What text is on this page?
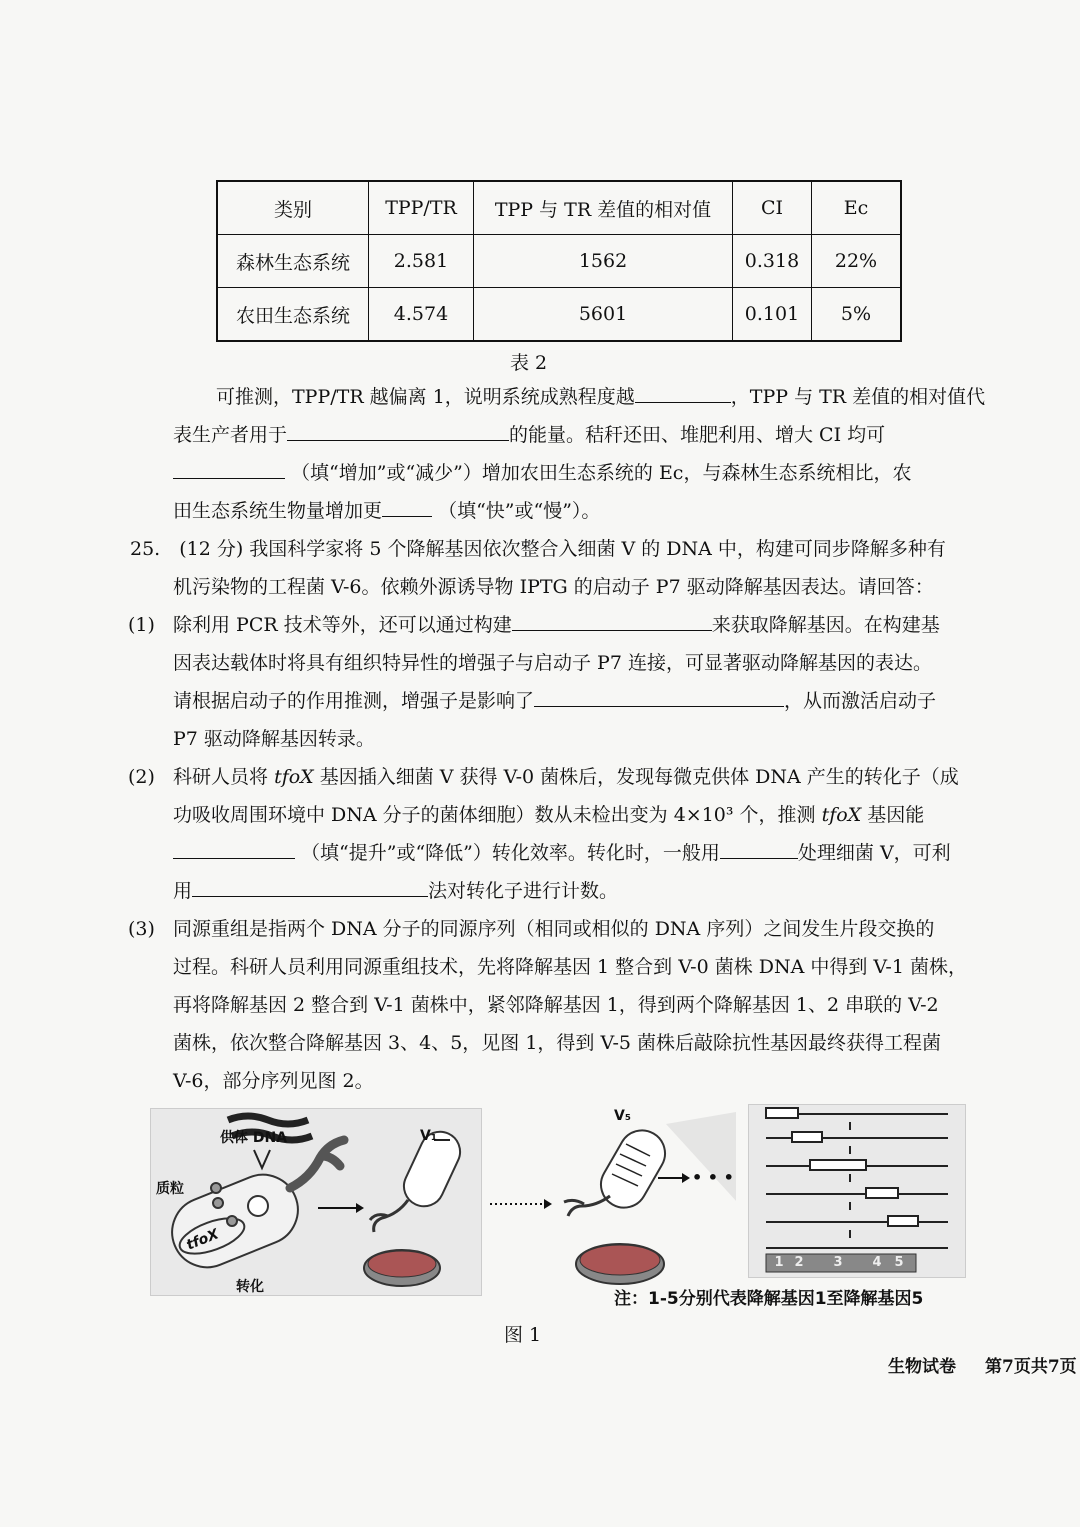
类别	TPP/TR	TPP 与 TR 差值的相对值	CI	Ec
森林生态系统	2.581	1562	0.318	22%
农田生态系统	4.574	5601	0.101	5%
表 2
可推测，TPP/TR 越偏离 1，说明系统成熟程度越	，TPP 与 TR 差值的相对值代
表生产者用于	的能量。秸秆还田、堆肥利用、增大 CI 均可
（填“增加”或“减少”）增加农田生态系统的 Ec，与森林生态系统相比，农
田生态系统生物量增加更	（填“快”或“慢”）。
25.　(12 分) 我国科学家将 5 个降解基因依次整合入细菌 V 的 DNA 中，构建可同步降解多种有
机污染物的工程菌 V-6。依赖外源诱导物 IPTG 的启动子 P7 驱动降解基因表达。请回答：
(1) 除利用 PCR 技术等外，还可以通过构建	来获取降解基因。在构建基
因表达载体时将具有组织特异性的增强子与启动子 P7 连接，可显著驱动降解基因的表达。
请根据启动子的作用推测，增强子是影响了	，从而激活启动子
P7 驱动降解基因转录。
(2) 科研人员将 tfoX 基因插入细菌 V 获得 V-0 菌株后，发现每微克供体 DNA 产生的转化子（成
功吸收周围环境中 DNA 分子的菌体细胞）数从未检出变为 4×10³ 个，推测 tfoX 基因能
（填“提升”或“降低”）转化效率。转化时，一般用	处理细菌 V，可利
用	法对转化子进行计数。
(3) 同源重组是指两个 DNA 分子的同源序列（相同或相似的 DNA 序列）之间发生片段交换的
过程。科研人员利用同源重组技术，先将降解基因 1 整合到 V-0 菌株 DNA 中得到 V-1 菌株，
再将降解基因 2 整合到 V-1 菌株中，紧邻降解基因 1，得到两个降解基因 1、2 串联的 V-2
菌株，依次整合降解基因 3、4、5，见图 1，得到 V-5 菌株后敲除抗性基因最终获得工程菌
V-6，部分序列见图 2。
供体 DNA
质粒
tfoX
转化
V₁
V₅
• • •
1 2	3	4 5
注：1-5分别代表降解基因1至降解基因5
图 1
生物试卷 第7页共7页
